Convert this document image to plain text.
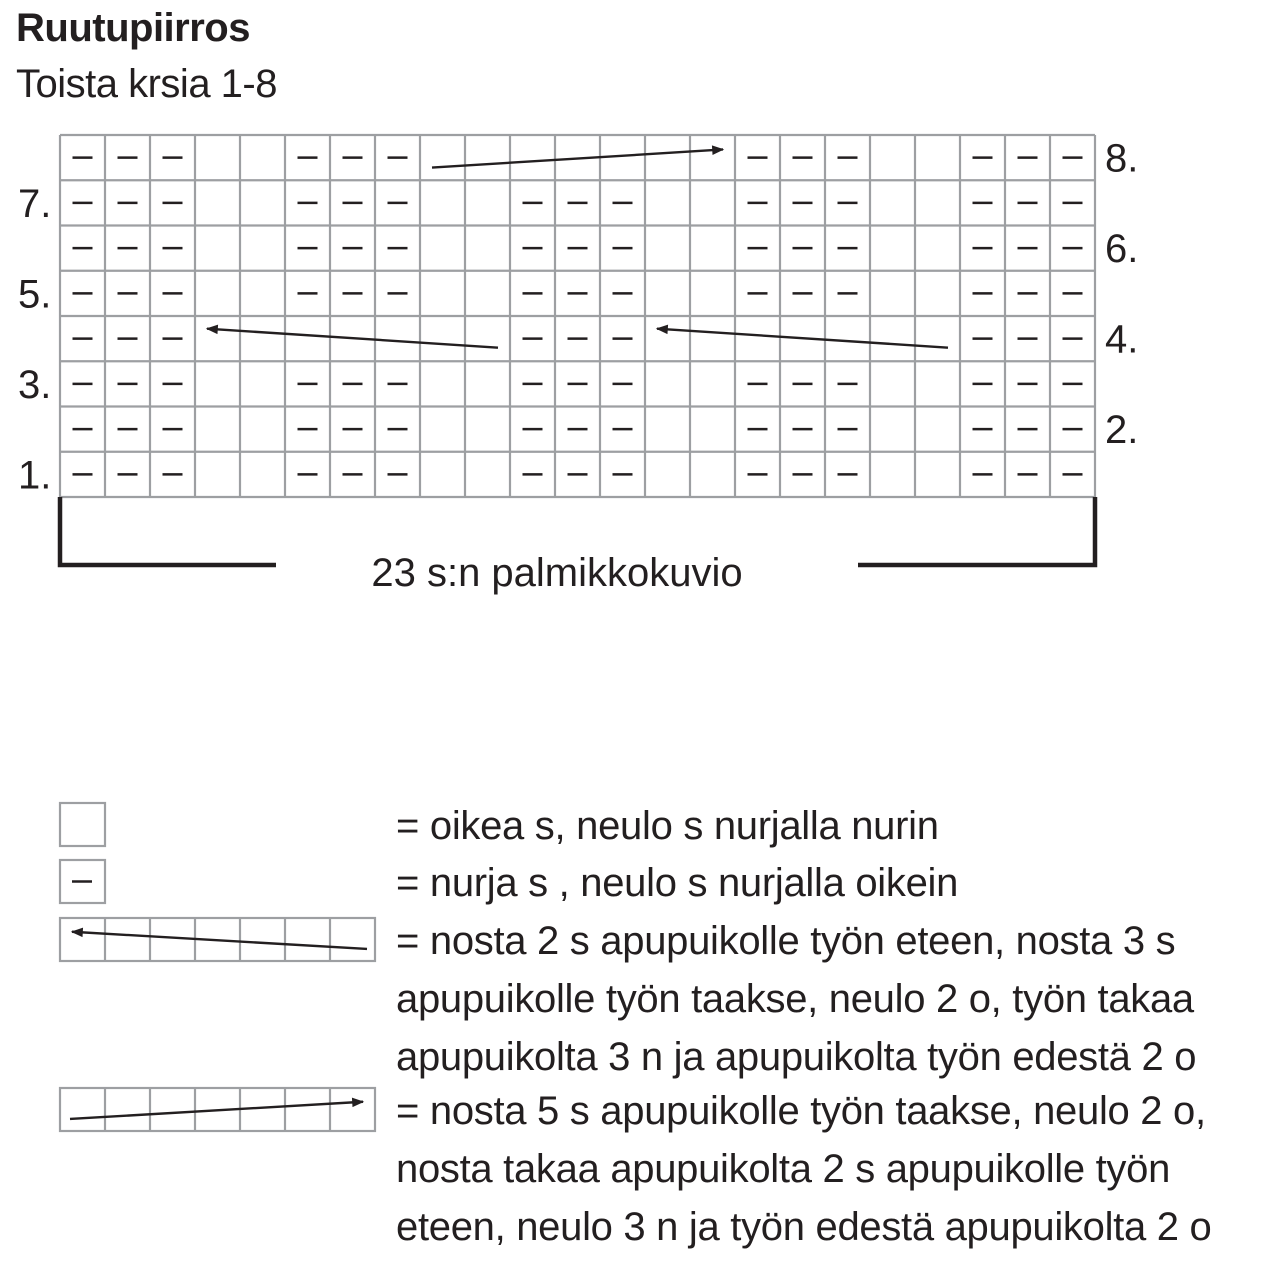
Ruutupiirros
Toista krsia 1-8
1.
2.
3.
4.
5.
6.
7.
8.
23 s:n palmikkokuvio
= oikea s, neulo s nurjalla nurin
= nurja s , neulo s nurjalla oikein
= nosta 2 s apupuikolle työn eteen, nosta 3 s
apupuikolle työn taakse, neulo 2 o, työn takaa
apupuikolta 3 n ja apupuikolta työn edestä 2 o
= nosta 5 s apupuikolle työn taakse, neulo 2 o,
nosta takaa apupuikolta 2 s apupuikolle työn
eteen, neulo 3 n ja työn edestä apupuikolta 2 o
